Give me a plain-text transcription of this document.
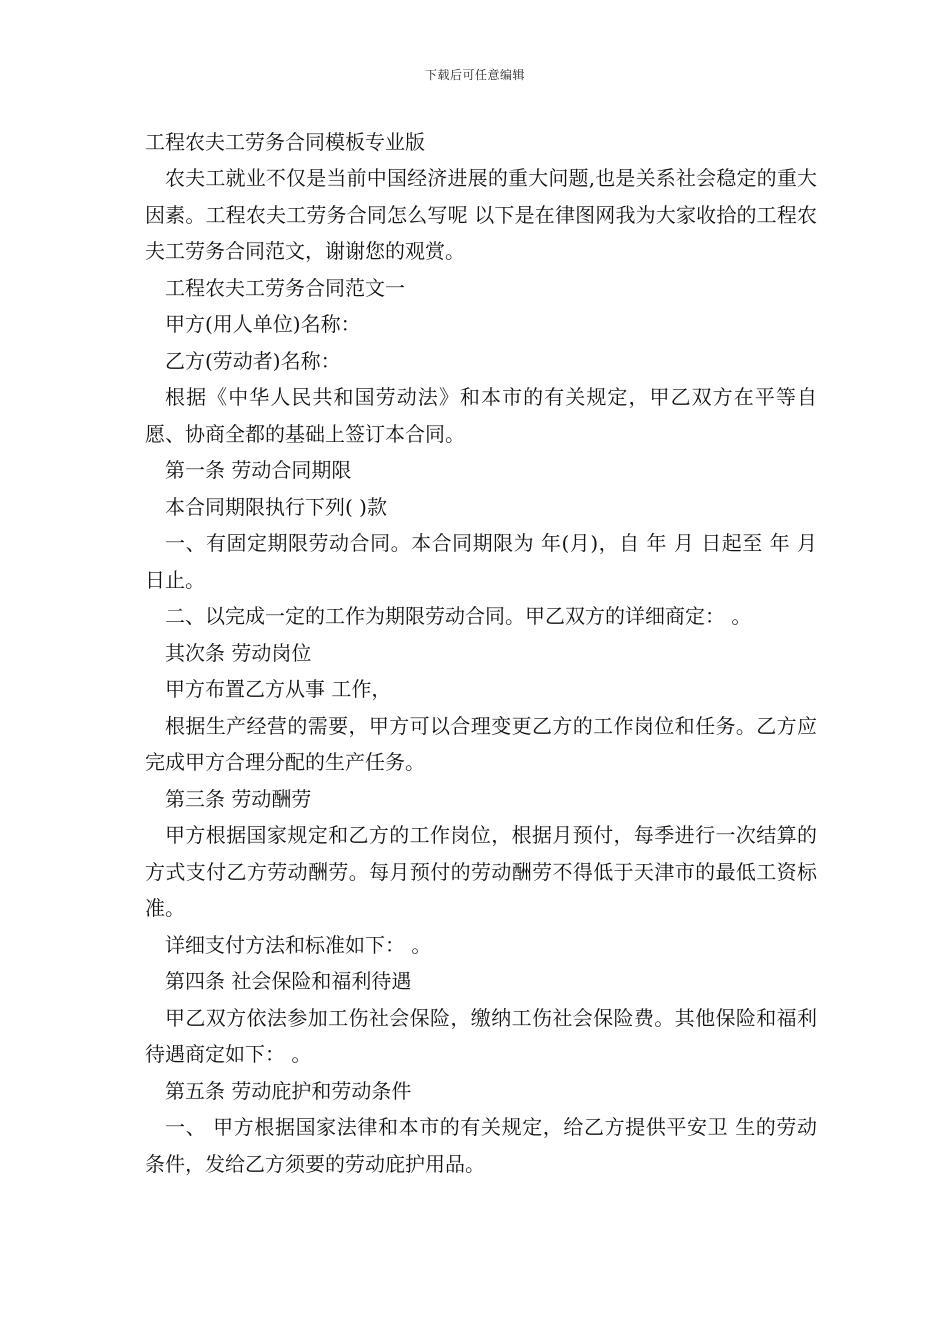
下载后可任意编辑

工程农夫工劳务合同模板专业版

农夫工就业不仅是当前中国经济进展的重大问题,也是关系社会稳定的重大因素。工程农夫工劳务合同怎么写呢 以下是在律图网我为大家收拾的工程农夫工劳务合同范文，谢谢您的观赏。

工程农夫工劳务合同范文一

甲方(用人单位)名称：

乙方(劳动者)名称：

根据《中华人民共和国劳动法》和本市的有关规定，甲乙双方在平等自愿、协商全都的基础上签订本合同。

第一条 劳动合同期限

本合同期限执行下列( )款

一、有固定期限劳动合同。本合同期限为 年(月)，自 年 月 日起至 年 月 日止。

二、以完成一定的工作为期限劳动合同。甲乙双方的详细商定： 。

其次条 劳动岗位

甲方布置乙方从事 工作，

根据生产经营的需要，甲方可以合理变更乙方的工作岗位和任务。乙方应完成甲方合理分配的生产任务。

第三条 劳动酬劳

甲方根据国家规定和乙方的工作岗位，根据月预付，每季进行一次结算的方式支付乙方劳动酬劳。每月预付的劳动酬劳不得低于天津市的最低工资标准。

详细支付方法和标准如下： 。

第四条 社会保险和福利待遇

甲乙双方依法参加工伤社会保险，缴纳工伤社会保险费。其他保险和福利待遇商定如下： 。

第五条 劳动庇护和劳动条件

一、 甲方根据国家法律和本市的有关规定，给乙方提供平安卫 生的劳动条件，发给乙方须要的劳动庇护用品。
